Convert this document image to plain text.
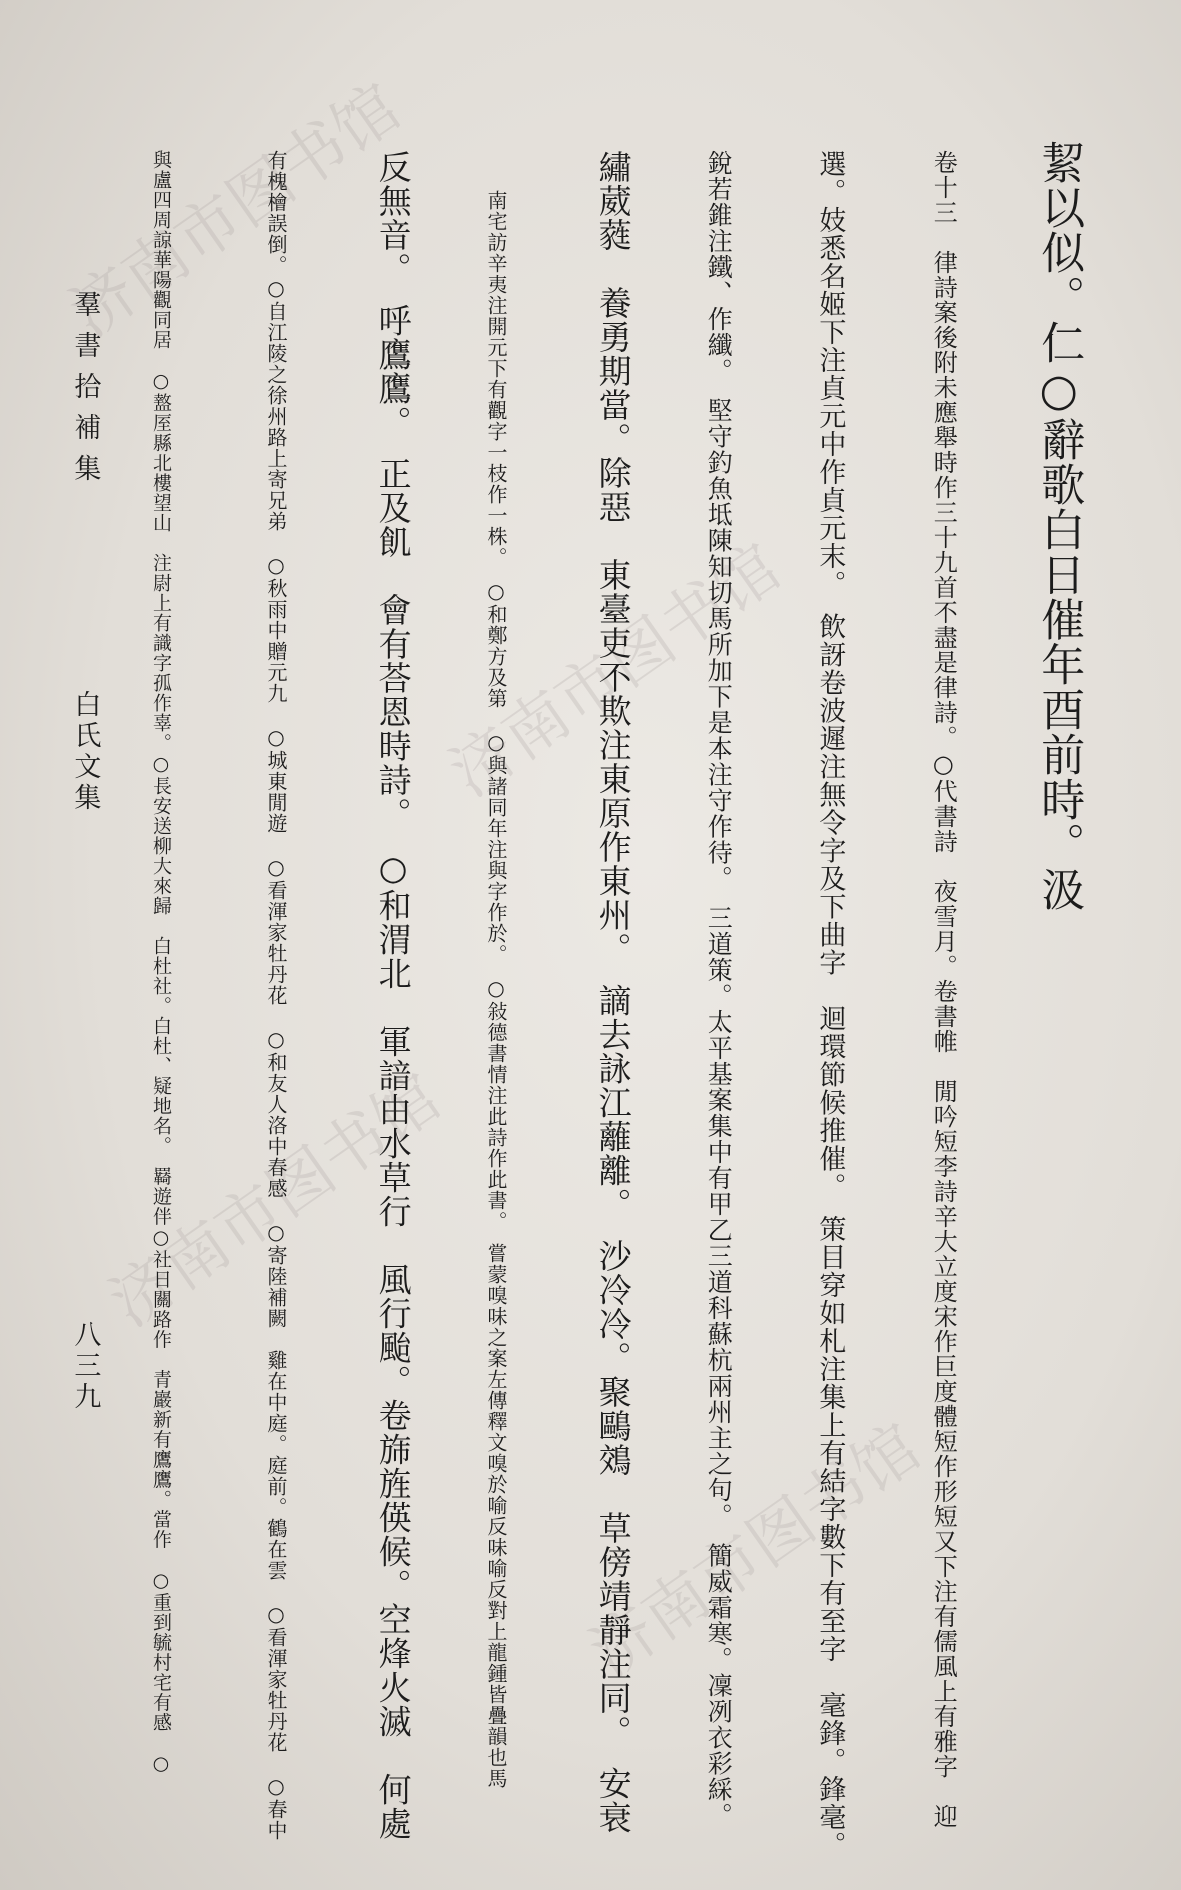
济南市图书馆
济南市图书馆
济南市图书馆
济南市图书馆
絜以似。仁○辭歌白日催年酉前時。汲
卷十三　律詩案後附未應舉時作三十九首不盡是律詩。○代書詩　夜雪月。卷書帷　閒吟短李詩辛大立度宋作巨度體短作形短又下注有儒風上有雅字　迎
選。妓悉名姬下注貞元中作貞元末。　飲訝卷波遲注無令字及下曲字　迴環節候推催。　策目穿如札注集上有結字數下有至字　毫鋒。鋒毫。
銳若錐注鐵、作纖。　堅守釣魚坻陳知切馬所加下是本注守作待。　三道策。太平基案集中有甲乙三道科蘇杭兩州主之句。　簡威霜寒。凜冽衣彩綵。
繡葳蕤　養勇期當。除惡　東臺吏不欺注東原作東州。　謫去詠江蘺離。　沙冷冷。聚鷗鵁　草傍靖靜注同。　安衰
南宅訪辛夷注開元下有觀字一枝作一株。　○和鄭方及第　○與諸同年注與字作於。　○敍德書情注此詩作此書。　嘗蒙嗅味之案左傳釋文嗅於喻反味喻反對上龍鍾皆疊韻也馬
反無音。　呼鷹鷹。　正及飢　會有荅恩時詩。　○和渭北　軍諳由水草行　風行颱。卷旆旌偀候。空烽火滅　何處
有槐檜誤倒。○自江陵之徐州路上寄兄弟　○秋雨中贈元九　○城東閒遊　○看渾家牡丹花　○和友人洛中春感　○寄陸補闕　雞在中庭。庭前。鶴在雲　○看渾家牡丹花　○春中
與盧四周諒華陽觀同居　○盩厔縣北樓望山　注尉上有識字孤作辜。○長安送柳大來歸　白杜社。白杜、疑地名。　羇遊伴○社日關路作　青巖新有鷹鷹。當作　○重到毓村宅有感　○
羣書拾補集
白氏文集
八三九
